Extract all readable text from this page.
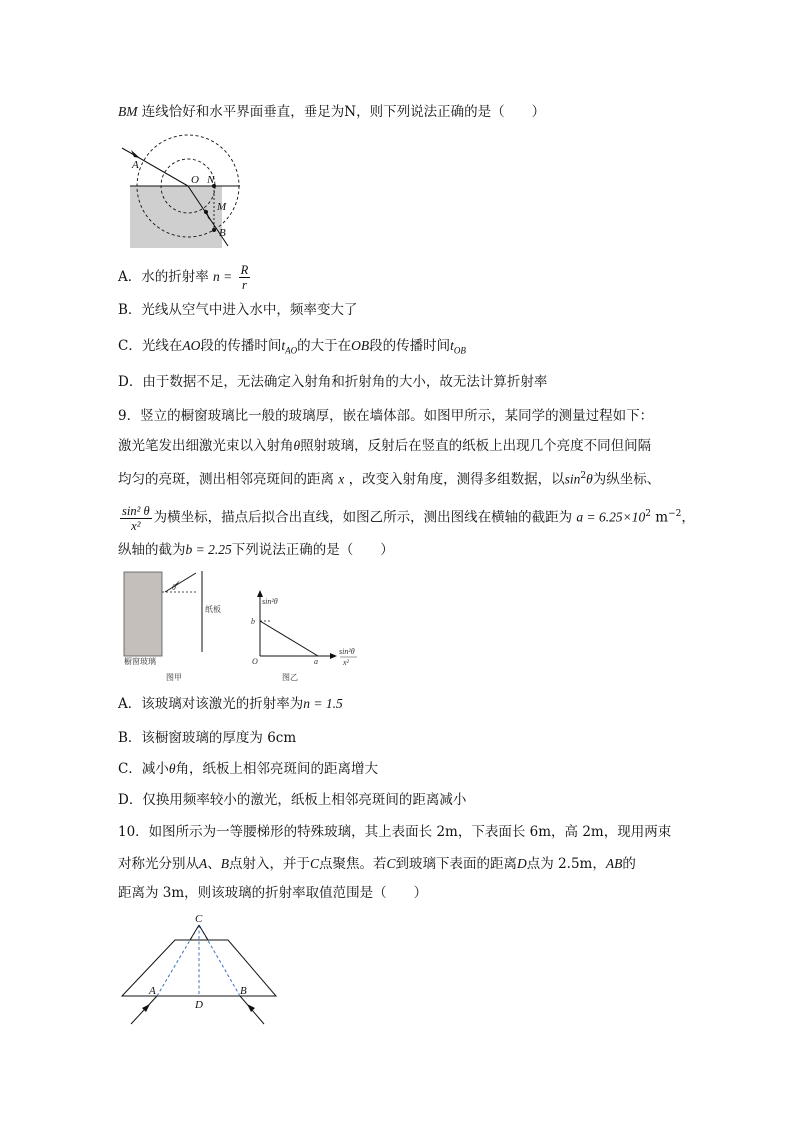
BM 连线恰好和水平界面垂直，垂足为N，则下列说法正确的是（　　）
A
O N
M
B
A．水的折射率 $n = \frac{R}{r}$
B．光线从空气中进入水中，频率变大了
C．光线在AO段的传播时间$t_{AO}$的大于在OB段的传播时间$t_{OB}$
D．由于数据不足，无法确定入射角和折射角的大小，故无法计算折射率
9．竖立的橱窗玻璃比一般的玻璃厚，嵌在墙体部。如图甲所示，某同学的测量过程如下：
激光笔发出细激光束以入射角θ照射玻璃，反射后在竖直的纸板上出现几个亮度不同但间隔
均匀的亮斑，测出相邻亮斑间的距离 x ，改变入射角度，测得多组数据，以$\sin^2\theta$为纵坐标、
$\frac{\text{sin² θ}}{\text{x²}}$ 为横坐标，描点后拟合出直线，如图乙所示，测出图线在横轴的截距为 $a = 6.25\times 10^2$ $m^{-2}$，
纵轴的截为b = 2.25下列说法正确的是（　　）
θ
纸板
橱窗玻璃
图甲
sin²θ
b
O	a
sin²θ
x²
图乙
A．该玻璃对该激光的折射率为n = 1.5
B．该橱窗玻璃的厚度为 6cm
C．减小θ角，纸板上相邻亮斑间的距离增大
D．仅换用频率较小的激光，纸板上相邻亮斑间的距离减小
10．如图所示为一等腰梯形的特殊玻璃，其上表面长 2m，下表面长 6m，高 2m，现用两束
对称光分别从A、B点射入，并于C点聚焦。若C到玻璃下表面的距离D点为 2.5m，AB的
距离为 3m，则该玻璃的折射率取值范围是（　　）
C
A
D
B
